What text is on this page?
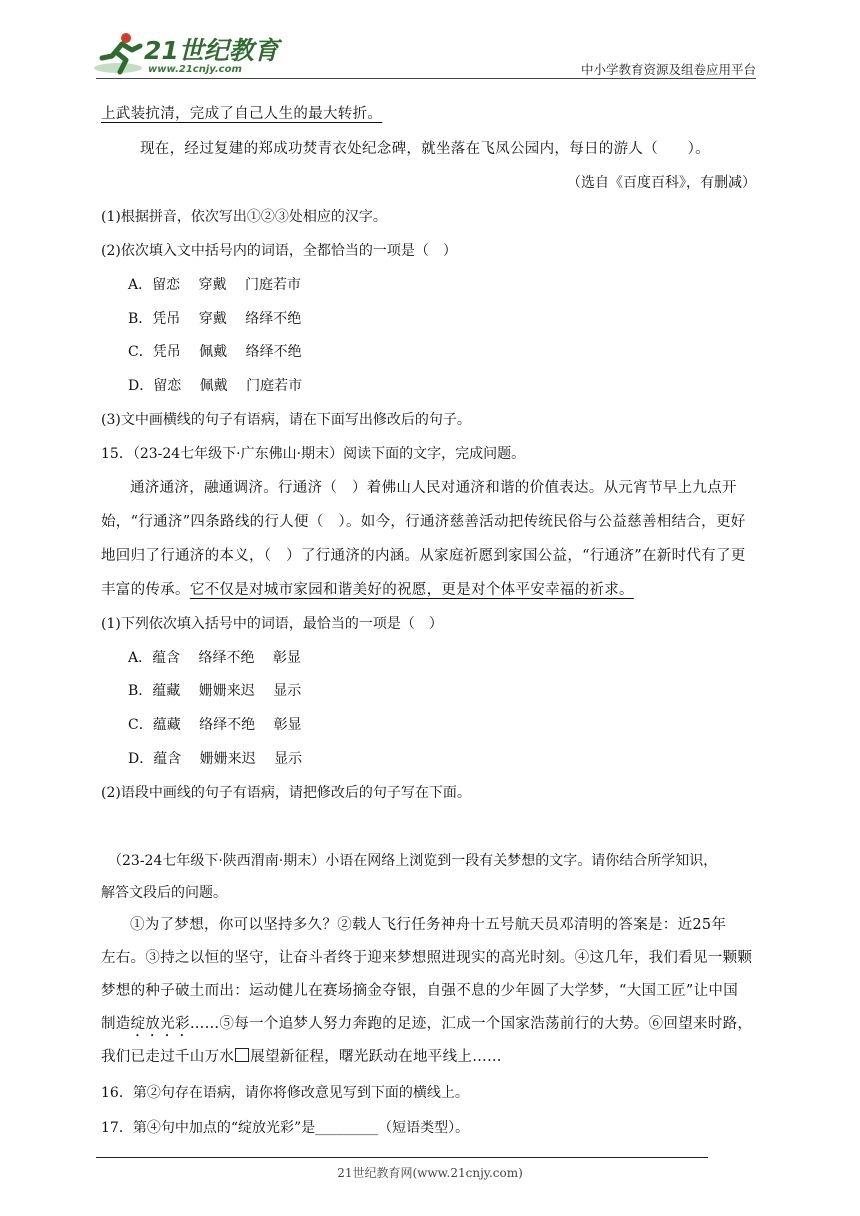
21世纪教育
www.21cnjy.com	中小学教育资源及组卷应用平台
上武装抗清，完成了自己人生的最大转折。
现在，经过复建的郑成功焚青衣处纪念碑，就坐落在飞凤公园内，每日的游人（　　）。
（选自《百度百科》，有删减）
(1)根据拼音，依次写出①②③处相应的汉字。
(2)依次填入文中括号内的词语，全都恰当的一项是（　）
A．留恋　 穿戴　 门庭若市
B．凭吊　 穿戴　 络绎不绝
C．凭吊　 佩戴　 络绎不绝
D．留恋　 佩戴　 门庭若市
(3)文中画横线的句子有语病，请在下面写出修改后的句子。
15．（23-24七年级下·广东佛山·期末）阅读下面的文字，完成问题。
通济通济，融通调济。行通济（　）着佛山人民对通济和谐的价值表达。从元宵节早上九点开
始，“行通济”四条路线的行人便（　）。如今，行通济慈善活动把传统民俗与公益慈善相结合，更好
地回归了行通济的本义，（　）了行通济的内涵。从家庭祈愿到家国公益，“行通济”在新时代有了更
丰富的传承。它不仅是对城市家园和谐美好的祝愿，更是对个体平安幸福的祈求。
(1)下列依次填入括号中的词语，最恰当的一项是（　）
A．蕴含　 络绎不绝　 彰显
B．蕴藏　 姗姗来迟　 显示
C．蕴藏　 络绎不绝　 彰显
D．蕴含　 姗姗来迟　 显示
(2)语段中画线的句子有语病，请把修改后的句子写在下面。
（23-24七年级下·陕西渭南·期末）小语在网络上浏览到一段有关梦想的文字。请你结合所学知识，
解答文段后的问题。
①为了梦想，你可以坚持多久？②载人飞行任务神舟十五号航天员邓清明的答案是：近25年
左右。③持之以恒的坚守，让奋斗者终于迎来梦想照进现实的高光时刻。④这几年，我们看见一颗颗
梦想的种子破土而出：运动健儿在赛场摘金夺银，自强不息的少年圆了大学梦，“大国工匠”让中国
制造绽放光彩……⑤每一个追梦人努力奔跑的足迹，汇成一个国家浩荡前行的大势。⑥回望来时路，
我们已走过千山万水 展望新征程，曙光跃动在地平线上……
16．第②句存在语病，请你将修改意见写到下面的横线上。
17．第④句中加点的“绽放光彩”是_________（短语类型）。
21世纪教育网(www.21cnjy.com)
